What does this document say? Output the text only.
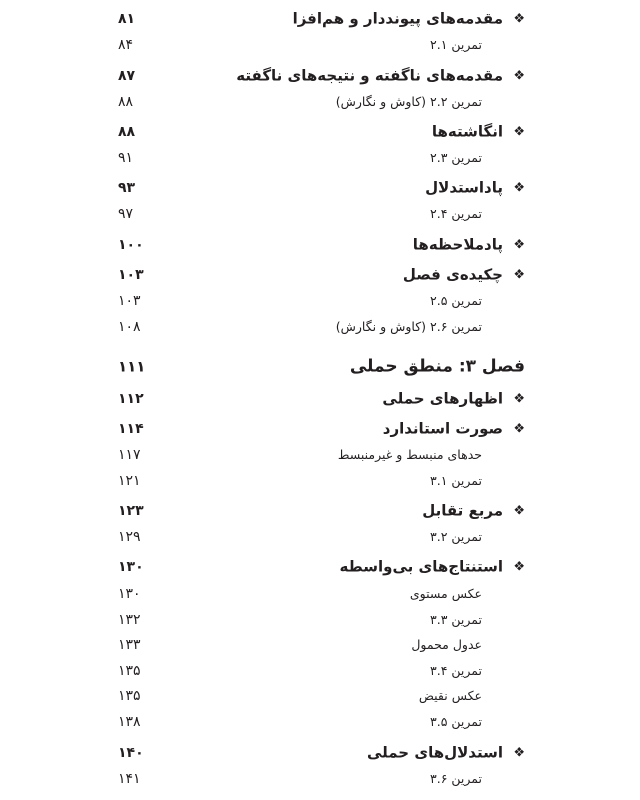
❖
مقدمه‌های پیونددار و هم‌افزا
۸۱
تمرین ۲.۱
۸۴
❖
مقدمه‌های ناگفته و نتیجه‌های ناگفته
۸۷
تمرین ۲.۲ (کاوش و نگارش)
۸۸
❖
انگاشته‌ها
۸۸
تمرین ۲.۳
۹۱
❖
پاداستدلال
۹۳
تمرین ۲.۴
۹۷
❖
پادملاحظه‌ها
۱۰۰
❖
چکیده‌ی فصل
۱۰۳
تمرین ۲.۵
۱۰۳
تمرین ۲.۶ (کاوش و نگارش)
۱۰۸
فصل ۳: منطق حملی
۱۱۱
❖
اظهارهای حملی
۱۱۲
❖
صورت استاندارد
۱۱۴
حدهای منبسط و غیرمنبسط
۱۱۷
تمرین ۳.۱
۱۲۱
❖
مربع تقابل
۱۲۳
تمرین ۳.۲
۱۲۹
❖
استنتاج‌های بی‌واسطه
۱۳۰
عکس مستوی
۱۳۰
تمرین ۳.۳
۱۳۲
عدول محمول
۱۳۳
تمرین ۳.۴
۱۳۵
عکس نقیض
۱۳۵
تمرین ۳.۵
۱۳۸
❖
استدلال‌های حملی
۱۴۰
تمرین ۳.۶
۱۴۱
